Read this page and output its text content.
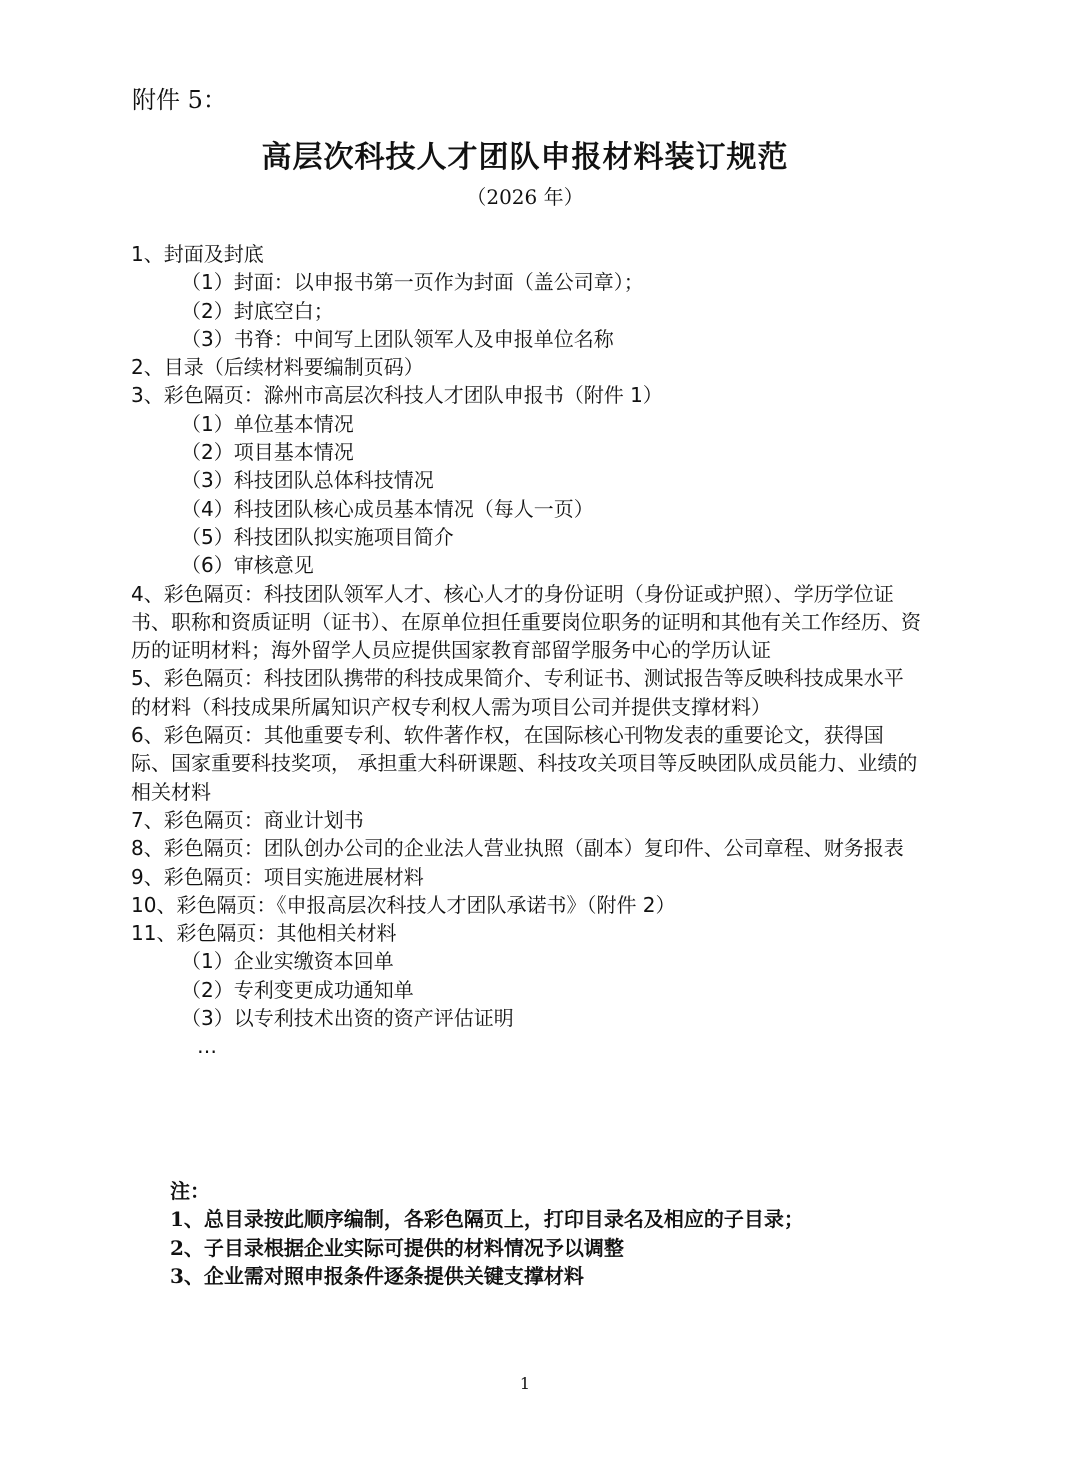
附件 5：
高层次科技人才团队申报材料装订规范
（2026 年）

1、封面及封底

（1）封面：以申报书第一页作为封面（盖公司章）；

（2）封底空白；

（3）书脊：中间写上团队领军人及申报单位名称

2、目录（后续材料要编制页码）

3、彩色隔页：滁州市高层次科技人才团队申报书（附件 1）

（1）单位基本情况

（2）项目基本情况

（3）科技团队总体科技情况

（4）科技团队核心成员基本情况（每人一页）

（5）科技团队拟实施项目简介

（6）审核意见

4、彩色隔页：科技团队领军人才、核心人才的身份证明（身份证或护照）、学历学位证书、职称和资质证明（证书）、在原单位担任重要岗位职务的证明和其他有关工作经历、资历的证明材料；海外留学人员应提供国家教育部留学服务中心的学历认证

5、彩色隔页：科技团队携带的科技成果简介、专利证书、测试报告等反映科技成果水平的材料（科技成果所属知识产权专利权人需为项目公司并提供支撑材料）

6、彩色隔页：其他重要专利、软件著作权，在国际核心刊物发表的重要论文，获得国际、国家重要科技奖项， 承担重大科研课题、科技攻关项目等反映团队成员能力、业绩的相关材料

7、彩色隔页：商业计划书

8、彩色隔页：团队创办公司的企业法人营业执照（副本）复印件、公司章程、财务报表

9、彩色隔页：项目实施进展材料

10、彩色隔页：《申报高层次科技人才团队承诺书》（附件 2）

11、彩色隔页：其他相关材料

（1）企业实缴资本回单

（2）专利变更成功通知单

（3）以专利技术出资的资产评估证明

…

注：
1、总目录按此顺序编制，各彩色隔页上，打印目录名及相应的子目录；
2、子目录根据企业实际可提供的材料情况予以调整
3、企业需对照申报条件逐条提供关键支撑材料
1
